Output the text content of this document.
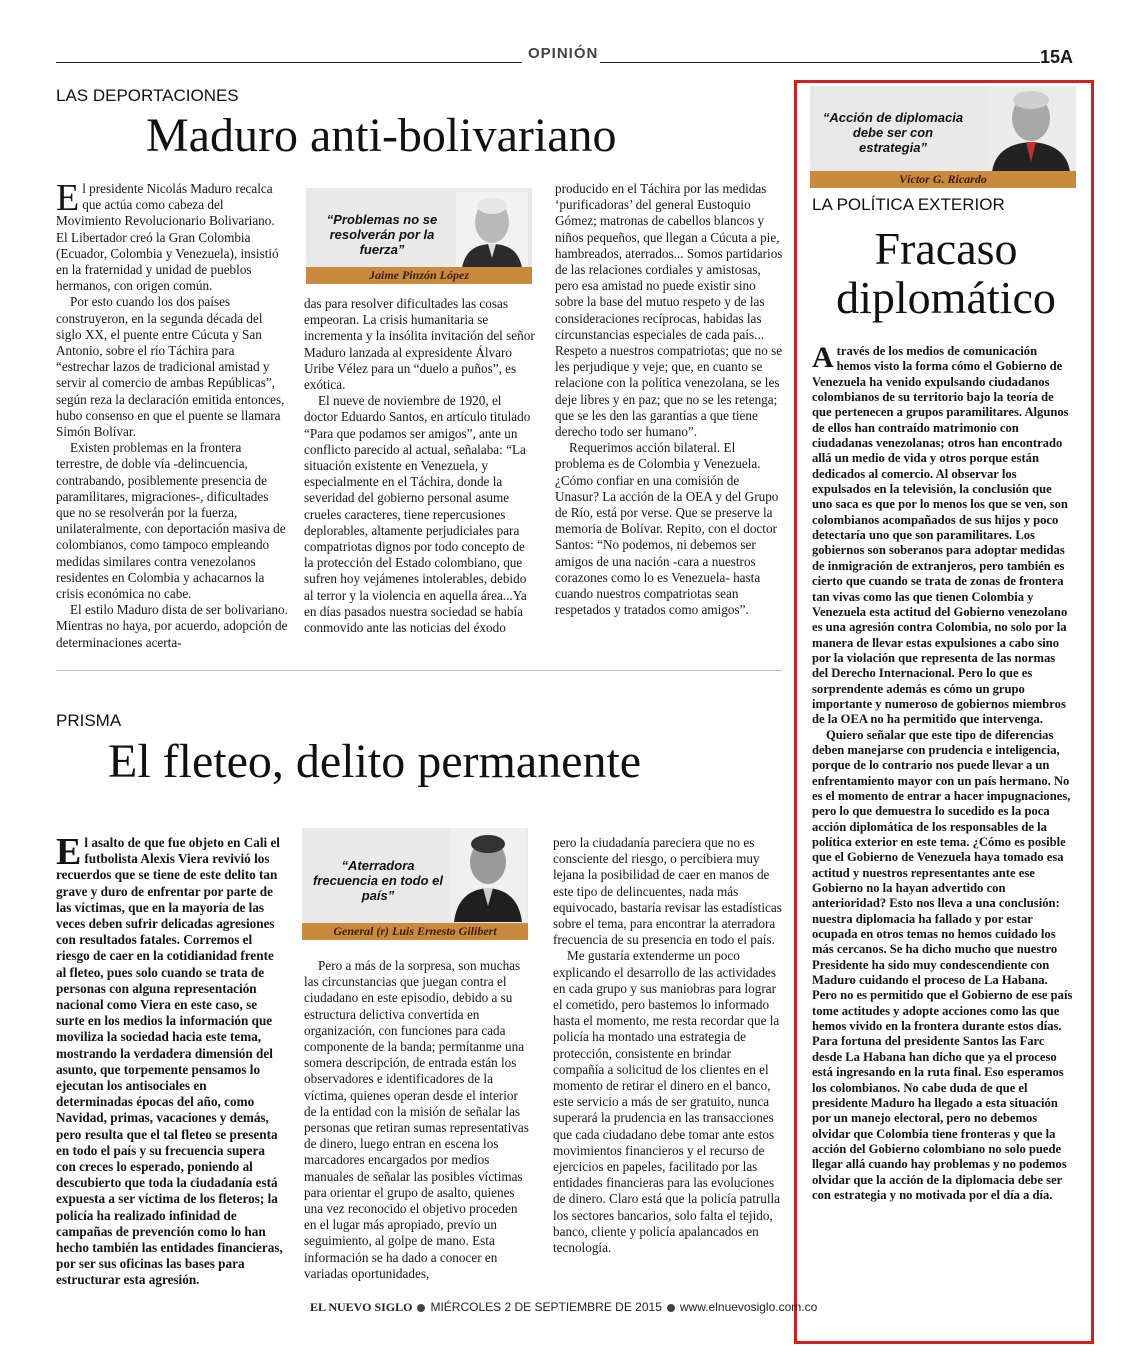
OPINIÓN	15A
LAS DEPORTACIONES
Maduro anti-bolivariano

El presidente Nicolás Maduro recalca que actúa como cabeza del Movimiento Revolucionario Bolivariano. El Libertador creó la Gran Colombia (Ecuador, Colombia y Venezuela), insistió en la fraternidad y unidad de pueblos hermanos, con origen común.

Por esto cuando los dos países construyeron, en la segunda década del siglo XX, el puente entre Cúcuta y San Antonio, sobre el río Táchira para “estrechar lazos de tradicional amistad y servir al comercio de ambas Repúblicas”, según reza la declaración emitida entonces, hubo consenso en que el puente se llamara Simón Bolívar.

Existen problemas en la frontera terrestre, de doble vía -delincuencia, contrabando, posiblemente presencia de paramilitares, migraciones-, dificultades que no se resolverán por la fuerza, unilateralmente, con deportación masiva de colombianos, como tampoco empleando medidas similares contra venezolanos residentes en Colombia y achacarnos la crisis económica no cabe.

El estilo Maduro dista de ser bolivariano. Mientras no haya, por acuerdo, adopción de determinaciones acerta-

“Problemas no se resolverán por la fuerza”
Jaime Pinzón López

das para resolver dificultades las cosas empeoran. La crisis humanitaria se incrementa y la insólita invitación del señor Maduro lanzada al expresidente Álvaro Uribe Vélez para un “duelo a puños”, es exótica.

El nueve de noviembre de 1920, el doctor Eduardo Santos, en artículo titulado “Para que podamos ser amigos”, ante un conflicto parecido al actual, señalaba: “La situación existente en Venezuela, y especialmente en el Táchira, donde la severidad del gobierno personal asume crueles caracteres, tiene repercusiones deplorables, altamente perjudiciales para compatriotas dignos por todo concepto de la protección del Estado colombiano, que sufren hoy vejámenes intolerables, debido al terror y la violencia en aquella área...Ya en días pasados nuestra sociedad se había conmovido ante las noticias del éxodo

producido en el Táchira por las medidas ‘purificadoras’ del general Eustoquio Gómez; matronas de cabellos blancos y niños pequeños, que llegan a Cúcuta a pie, hambreados, aterrados... Somos partidarios de las relaciones cordiales y amistosas, pero esa amistad no puede existir sino sobre la base del mutuo respeto y de las consideraciones recíprocas, habidas las circunstancias especiales de cada país... Respeto a nuestros compatriotas; que no se les perjudique y veje; que, en cuanto se relacione con la política venezolana, se les deje libres y en paz; que no se les retenga; que se les den las garantías a que tiene derecho todo ser humano”.

Requerimos acción bilateral. El problema es de Colombia y Venezuela. ¿Cómo confiar en una comisión de Unasur? La acción de la OEA y del Grupo de Río, está por verse. Que se preserve la memoria de Bolívar. Repito, con el doctor Santos: “No podemos, ni debemos ser amigos de una nación -cara a nuestros corazones como lo es Venezuela- hasta cuando nuestros compatriotas sean respetados y tratados como amigos”.

PRISMA
El fleteo, delito permanente

El asalto de que fue objeto en Cali el futbolista Alexis Viera revivió los recuerdos que se tiene de este delito tan grave y duro de enfrentar por parte de las víctimas, que en la mayoría de las veces deben sufrir delicadas agresiones con resultados fatales. Corremos el riesgo de caer en la cotidianidad frente al fleteo, pues solo cuando se trata de personas con alguna representación nacional como Viera en este caso, se surte en los medios la información que moviliza la sociedad hacia este tema, mostrando la verdadera dimensión del asunto, que torpemente pensamos lo ejecutan los antisociales en determinadas épocas del año, como Navidad, primas, vacaciones y demás, pero resulta que el tal fleteo se presenta en todo el país y su frecuencia supera con creces lo esperado, poniendo al descubierto que toda la ciudadanía está expuesta a ser víctima de los fleteros; la policía ha realizado infinidad de campañas de prevención como lo han hecho también las entidades financieras, por ser sus oficinas las bases para estructurar esta agresión.

“Aterradora frecuencia en todo el país”
General (r) Luis Ernesto Gilibert

Pero a más de la sorpresa, son muchas las circunstancias que juegan contra el ciudadano en este episodio, debido a su estructura delictiva convertida en organización, con funciones para cada componente de la banda; permítanme una somera descripción, de entrada están los observadores e identificadores de la víctima, quienes operan desde el interior de la entidad con la misión de señalar las personas que retiran sumas representativas de dinero, luego entran en escena los marcadores encargados por medios manuales de señalar las posibles víctimas para orientar el grupo de asalto, quienes una vez reconocido el objetivo proceden en el lugar más apropiado, previo un seguimiento, al golpe de mano. Esta información se ha dado a conocer en variadas oportunidades,

pero la ciudadanía pareciera que no es consciente del riesgo, o percibiera muy lejana la posibilidad de caer en manos de este tipo de delincuentes, nada más equivocado, bastaría revisar las estadísticas sobre el tema, para encontrar la aterradora frecuencia de su presencia en todo el país.

Me gustaría extenderme un poco explicando el desarrollo de las actividades en cada grupo y sus maniobras para lograr el cometido, pero bastemos lo informado hasta el momento, me resta recordar que la policía ha montado una estrategia de protección, consistente en brindar compañía a solicitud de los clientes en el momento de retirar el dinero en el banco, este servicio a más de ser gratuito, nunca superará la prudencia en las transacciones que cada ciudadano debe tomar ante estos movimientos financieros y el recurso de ejercicios en papeles, facilitado por las entidades financieras para las evoluciones de dinero. Claro está que la policía patrulla los sectores bancarios, solo falta el tejido, banco, cliente y policía apalancados en tecnología.

“Acción de diplomacia debe ser con estrategia”
Víctor G. Ricardo
LA POLÍTICA EXTERIOR
Fracaso
diplomático

A través de los medios de comunicación hemos visto la forma cómo el Gobierno de Venezuela ha venido expulsando ciudadanos colombianos de su territorio bajo la teoría de que pertenecen a grupos paramilitares. Algunos de ellos han contraído matrimonio con ciudadanas venezolanas; otros han encontrado allá un medio de vida y otros porque están dedicados al comercio. Al observar los expulsados en la televisión, la conclusión que uno saca es que por lo menos los que se ven, son colombianos acompañados de sus hijos y poco detectaría uno que son paramilitares. Los gobiernos son soberanos para adoptar medidas de inmigración de extranjeros, pero también es cierto que cuando se trata de zonas de frontera tan vivas como las que tienen Colombia y Venezuela esta actitud del Gobierno venezolano es una agresión contra Colombia, no solo por la manera de llevar estas expulsiones a cabo sino por la violación que representa de las normas del Derecho Internacional. Pero lo que es sorprendente además es cómo un grupo importante y numeroso de gobiernos miembros de la OEA no ha permitido que intervenga.

Quiero señalar que este tipo de diferencias deben manejarse con prudencia e inteligencia, porque de lo contrario nos puede llevar a un enfrentamiento mayor con un país hermano. No es el momento de entrar a hacer impugnaciones, pero lo que demuestra lo sucedido es la poca acción diplomática de los responsables de la política exterior en este tema. ¿Cómo es posible que el Gobierno de Venezuela haya tomado esa actitud y nuestros representantes ante ese Gobierno no la hayan advertido con anterioridad? Esto nos lleva a una conclusión: nuestra diplomacia ha fallado y por estar ocupada en otros temas no hemos cuidado los más cercanos. Se ha dicho mucho que nuestro Presidente ha sido muy condescendiente con Maduro cuidando el proceso de La Habana. Pero no es permitido que el Gobierno de ese país tome actitudes y adopte acciones como las que hemos vivido en la frontera durante estos días. Para fortuna del presidente Santos las Farc desde La Habana han dicho que ya el proceso está ingresando en la ruta final. Eso esperamos los colombianos. No cabe duda de que el presidente Maduro ha llegado a esta situación por un manejo electoral, pero no debemos olvidar que Colombia tiene fronteras y que la acción del Gobierno colombiano no solo puede llegar allá cuando hay problemas y no podemos olvidar que la acción de la diplomacia debe ser con estrategia y no motivada por el día a día.

EL NUEVO SIGLO MIÉRCOLES 2 DE SEPTIEMBRE DE 2015 www.elnuevosiglo.com.co
